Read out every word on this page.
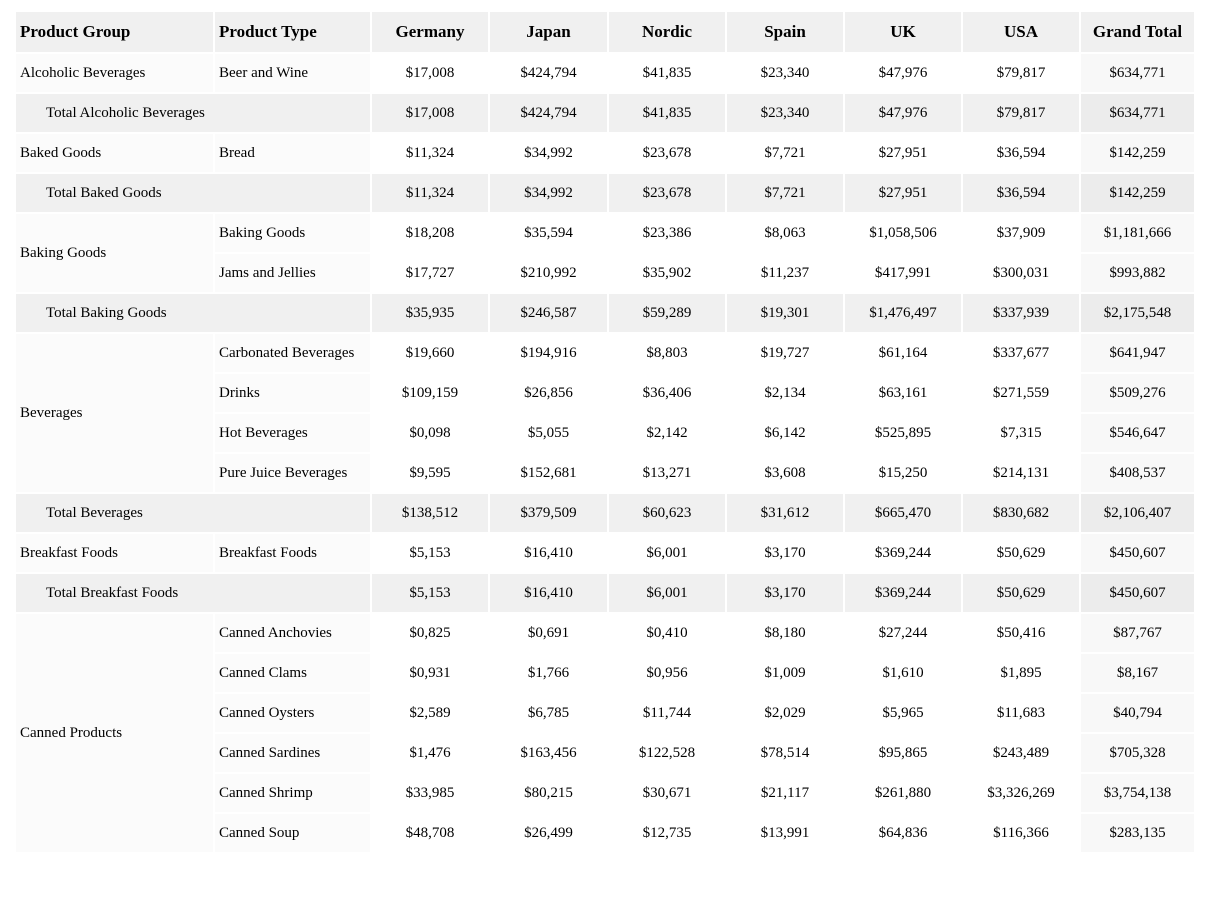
Product Group	Product Type	Germany	Japan	Nordic	Spain	UK	USA	Grand Total
Alcoholic Beverages	Beer and Wine	$17,008	$424,794	$41,835	$23,340	$47,976	$79,817	$634,771
Total Alcoholic Beverages		$17,008	$424,794	$41,835	$23,340	$47,976	$79,817	$634,771
Baked Goods	Bread	$11,324	$34,992	$23,678	$7,721	$27,951	$36,594	$142,259
Total Baked Goods		$11,324	$34,992	$23,678	$7,721	$27,951	$36,594	$142,259
Baking Goods	Baking Goods	$18,208	$35,594	$23,386	$8,063	$1,058,506	$37,909	$1,181,666
	Jams and Jellies	$17,727	$210,992	$35,902	$11,237	$417,991	$300,031	$993,882
Total Baking Goods		$35,935	$246,587	$59,289	$19,301	$1,476,497	$337,939	$2,175,548
Beverages	Carbonated Beverages	$19,660	$194,916	$8,803	$19,727	$61,164	$337,677	$641,947
	Drinks	$109,159	$26,856	$36,406	$2,134	$63,161	$271,559	$509,276
	Hot Beverages	$0,098	$5,055	$2,142	$6,142	$525,895	$7,315	$546,647
	Pure Juice Beverages	$9,595	$152,681	$13,271	$3,608	$15,250	$214,131	$408,537
Total Beverages		$138,512	$379,509	$60,623	$31,612	$665,470	$830,682	$2,106,407
Breakfast Foods	Breakfast Foods	$5,153	$16,410	$6,001	$3,170	$369,244	$50,629	$450,607
Total Breakfast Foods		$5,153	$16,410	$6,001	$3,170	$369,244	$50,629	$450,607
Canned Products	Canned Anchovies	$0,825	$0,691	$0,410	$8,180	$27,244	$50,416	$87,767
	Canned Clams	$0,931	$1,766	$0,956	$1,009	$1,610	$1,895	$8,167
	Canned Oysters	$2,589	$6,785	$11,744	$2,029	$5,965	$11,683	$40,794
	Canned Sardines	$1,476	$163,456	$122,528	$78,514	$95,865	$243,489	$705,328
	Canned Shrimp	$33,985	$80,215	$30,671	$21,117	$261,880	$3,326,269	$3,754,138
	Canned Soup	$48,708	$26,499	$12,735	$13,991	$64,836	$116,366	$283,135
